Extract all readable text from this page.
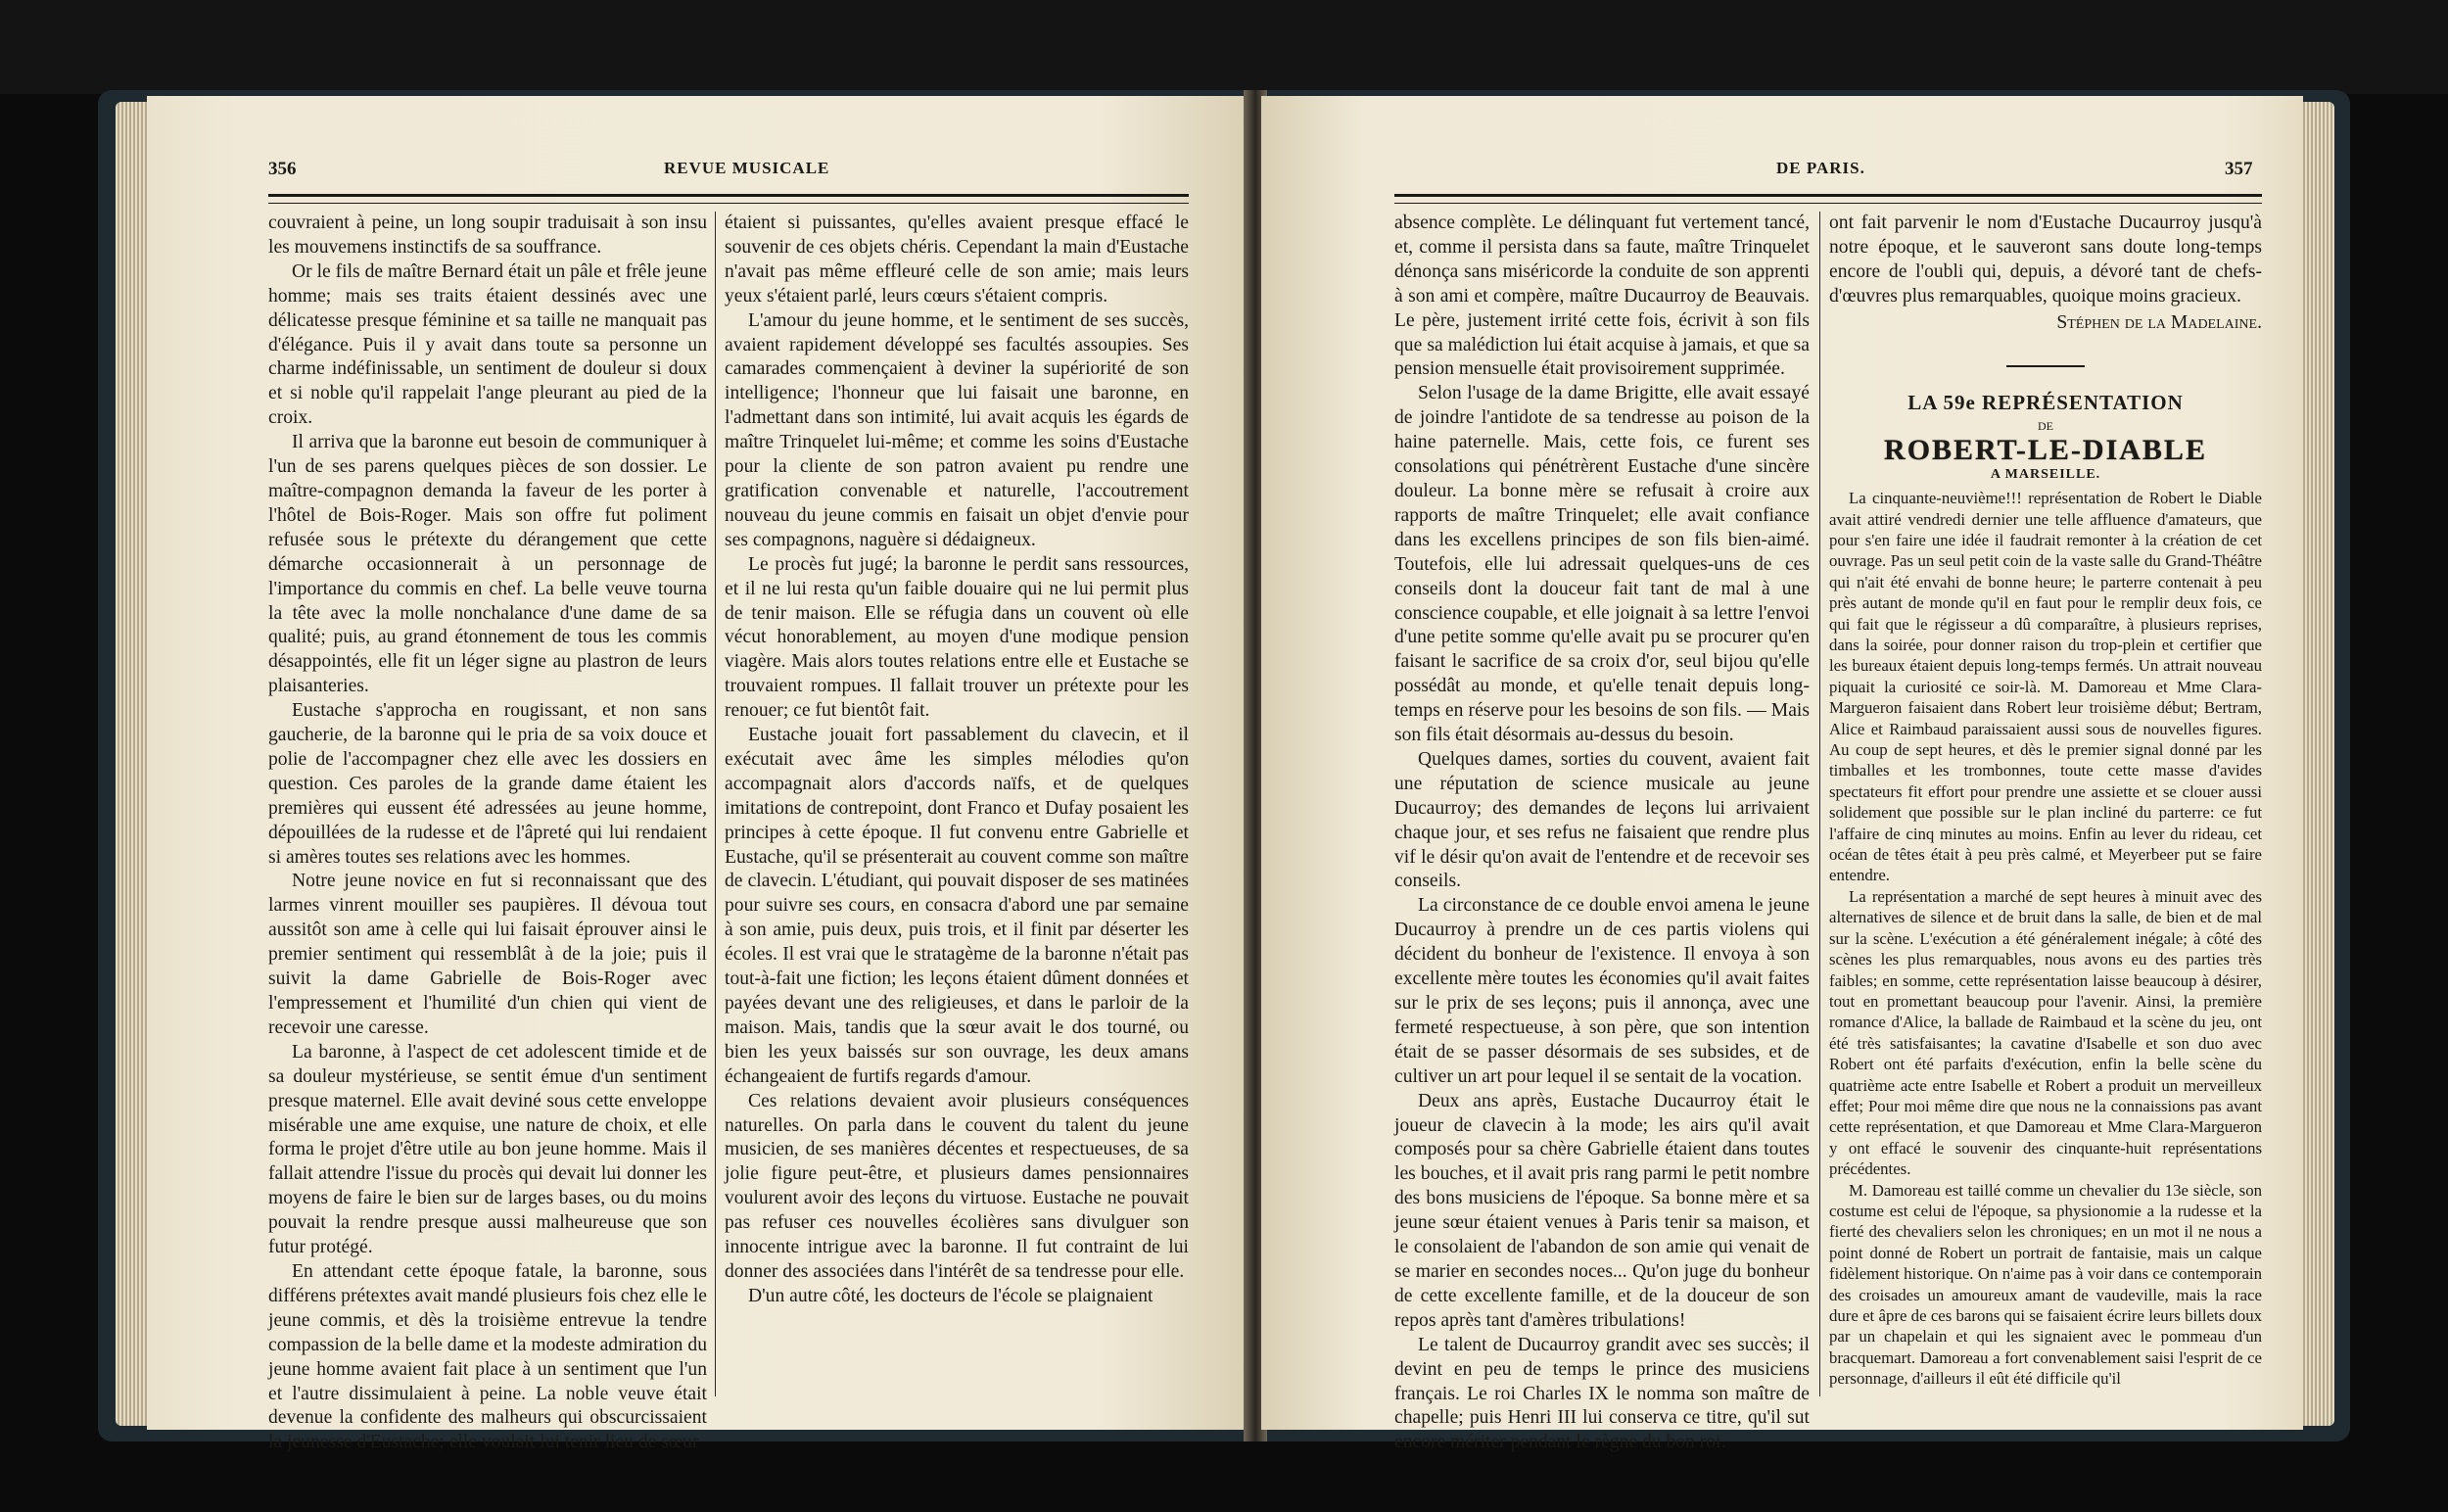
356	REVUE MUSICALE

couvraient à peine, un long soupir traduisait à son insu les mouvemens instinctifs de sa souffrance.

Or le fils de maître Bernard était un pâle et frêle jeune homme; mais ses traits étaient dessinés avec une délicatesse presque féminine et sa taille ne manquait pas d'élégance. Puis il y avait dans toute sa personne un charme indéfinissable, un sentiment de douleur si doux et si noble qu'il rappelait l'ange pleurant au pied de la croix.

Il arriva que la baronne eut besoin de communiquer à l'un de ses parens quelques pièces de son dossier. Le maître-compagnon demanda la faveur de les porter à l'hôtel de Bois-Roger. Mais son offre fut poliment refusée sous le prétexte du dérangement que cette démarche occasionnerait à un personnage de l'importance du commis en chef. La belle veuve tourna la tête avec la molle nonchalance d'une dame de sa qualité; puis, au grand étonnement de tous les commis désappointés, elle fit un léger signe au plastron de leurs plaisanteries.

Eustache s'approcha en rougissant, et non sans gaucherie, de la baronne qui le pria de sa voix douce et polie de l'accompagner chez elle avec les dossiers en question. Ces paroles de la grande dame étaient les premières qui eussent été adressées au jeune homme, dépouillées de la rudesse et de l'âpreté qui lui rendaient si amères toutes ses relations avec les hommes.

Notre jeune novice en fut si reconnaissant que des larmes vinrent mouiller ses paupières. Il dévoua tout aussitôt son ame à celle qui lui faisait éprouver ainsi le premier sentiment qui ressemblât à de la joie; puis il suivit la dame Gabrielle de Bois-Roger avec l'empressement et l'humilité d'un chien qui vient de recevoir une caresse.

La baronne, à l'aspect de cet adolescent timide et de sa douleur mystérieuse, se sentit émue d'un sentiment presque maternel. Elle avait deviné sous cette enveloppe misérable une ame exquise, une nature de choix, et elle forma le projet d'être utile au bon jeune homme. Mais il fallait attendre l'issue du procès qui devait lui donner les moyens de faire le bien sur de larges bases, ou du moins pouvait la rendre presque aussi malheureuse que son futur protégé.

En attendant cette époque fatale, la baronne, sous différens prétextes avait mandé plusieurs fois chez elle le jeune commis, et dès la troisième entrevue la tendre compassion de la belle dame et la modeste admiration du jeune homme avaient fait place à un sentiment que l'un et l'autre dissimulaient à peine. La noble veuve était devenue la confidente des malheurs qui obscurcissaient la jeunesse d'Eustache; elle voulait lui tenir lieu de sœur

étaient si puissantes, qu'elles avaient presque effacé le souvenir de ces objets chéris. Cependant la main d'Eustache n'avait pas même effleuré celle de son amie; mais leurs yeux s'étaient parlé, leurs cœurs s'étaient compris.

L'amour du jeune homme, et le sentiment de ses succès, avaient rapidement développé ses facultés assoupies. Ses camarades commençaient à deviner la supériorité de son intelligence; l'honneur que lui faisait une baronne, en l'admettant dans son intimité, lui avait acquis les égards de maître Trinquelet lui-même; et comme les soins d'Eustache pour la cliente de son patron avaient pu rendre une gratification convenable et naturelle, l'accoutrement nouveau du jeune commis en faisait un objet d'envie pour ses compagnons, naguère si dédaigneux.

Le procès fut jugé; la baronne le perdit sans ressources, et il ne lui resta qu'un faible douaire qui ne lui permit plus de tenir maison. Elle se réfugia dans un couvent où elle vécut honorablement, au moyen d'une modique pension viagère. Mais alors toutes relations entre elle et Eustache se trouvaient rompues. Il fallait trouver un prétexte pour les renouer; ce fut bientôt fait.

Eustache jouait fort passablement du clavecin, et il exécutait avec âme les simples mélodies qu'on accompagnait alors d'accords naïfs, et de quelques imitations de contrepoint, dont Franco et Dufay posaient les principes à cette époque. Il fut convenu entre Gabrielle et Eustache, qu'il se présenterait au couvent comme son maître de clavecin. L'étudiant, qui pouvait disposer de ses matinées pour suivre ses cours, en consacra d'abord une par semaine à son amie, puis deux, puis trois, et il finit par déserter les écoles. Il est vrai que le stratagème de la baronne n'était pas tout-à-fait une fiction; les leçons étaient dûment données et payées devant une des religieuses, et dans le parloir de la maison. Mais, tandis que la sœur avait le dos tourné, ou bien les yeux baissés sur son ouvrage, les deux amans échangeaient de furtifs regards d'amour.

Ces relations devaient avoir plusieurs conséquences naturelles. On parla dans le couvent du talent du jeune musicien, de ses manières décentes et respectueuses, de sa jolie figure peut-être, et plusieurs dames pensionnaires voulurent avoir des leçons du virtuose. Eustache ne pouvait pas refuser ces nouvelles écolières sans divulguer son innocente intrigue avec la baronne. Il fut contraint de lui donner des associées dans l'intérêt de sa tendresse pour elle.

D'un autre côté, les docteurs de l'école se plaignaient

DE PARIS.	357

absence complète. Le délinquant fut vertement tancé, et, comme il persista dans sa faute, maître Trinquelet dénonça sans miséricorde la conduite de son apprenti à son ami et compère, maître Ducaurroy de Beauvais. Le père, justement irrité cette fois, écrivit à son fils que sa malédiction lui était acquise à jamais, et que sa pension mensuelle était provisoirement supprimée.

Selon l'usage de la dame Brigitte, elle avait essayé de joindre l'antidote de sa tendresse au poison de la haine paternelle. Mais, cette fois, ce furent ses consolations qui pénétrèrent Eustache d'une sincère douleur. La bonne mère se refusait à croire aux rapports de maître Trinquelet; elle avait confiance dans les excellens principes de son fils bien-aimé. Toutefois, elle lui adressait quelques-uns de ces conseils dont la douceur fait tant de mal à une conscience coupable, et elle joignait à sa lettre l'envoi d'une petite somme qu'elle avait pu se procurer qu'en faisant le sacrifice de sa croix d'or, seul bijou qu'elle possédât au monde, et qu'elle tenait depuis long-temps en réserve pour les besoins de son fils. — Mais son fils était désormais au-dessus du besoin.

Quelques dames, sorties du couvent, avaient fait une réputation de science musicale au jeune Ducaurroy; des demandes de leçons lui arrivaient chaque jour, et ses refus ne faisaient que rendre plus vif le désir qu'on avait de l'entendre et de recevoir ses conseils.

La circonstance de ce double envoi amena le jeune Ducaurroy à prendre un de ces partis violens qui décident du bonheur de l'existence. Il envoya à son excellente mère toutes les économies qu'il avait faites sur le prix de ses leçons; puis il annonça, avec une fermeté respectueuse, à son père, que son intention était de se passer désormais de ses subsides, et de cultiver un art pour lequel il se sentait de la vocation.

Deux ans après, Eustache Ducaurroy était le joueur de clavecin à la mode; les airs qu'il avait composés pour sa chère Gabrielle étaient dans toutes les bouches, et il avait pris rang parmi le petit nombre des bons musiciens de l'époque. Sa bonne mère et sa jeune sœur étaient venues à Paris tenir sa maison, et le consolaient de l'abandon de son amie qui venait de se marier en secondes noces... Qu'on juge du bonheur de cette excellente famille, et de la douceur de son repos après tant d'amères tribulations!

Le talent de Ducaurroy grandit avec ses succès; il devint en peu de temps le prince des musiciens français. Le roi Charles IX le nomma son maître de chapelle; puis Henri III lui conserva ce titre, qu'il sut encore mériter pendant le règne du bon roi.

ont fait parvenir le nom d'Eustache Ducaurroy jusqu'à notre époque, et le sauveront sans doute long-temps encore de l'oubli qui, depuis, a dévoré tant de chefs-d'œuvres plus remarquables, quoique moins gracieux.

Stéphen de la Madelaine.

LA 59e REPRÉSENTATION

DE

ROBERT-LE-DIABLE

A MARSEILLE.

La cinquante-neuvième!!! représentation de Robert le Diable avait attiré vendredi dernier une telle affluence d'amateurs, que pour s'en faire une idée il faudrait remonter à la création de cet ouvrage. Pas un seul petit coin de la vaste salle du Grand-Théâtre qui n'ait été envahi de bonne heure; le parterre contenait à peu près autant de monde qu'il en faut pour le remplir deux fois, ce qui fait que le régisseur a dû comparaître, à plusieurs reprises, dans la soirée, pour donner raison du trop-plein et certifier que les bureaux étaient depuis long-temps fermés. Un attrait nouveau piquait la curiosité ce soir-là. M. Damoreau et Mme Clara-Margueron faisaient dans Robert leur troisième début; Bertram, Alice et Raimbaud paraissaient aussi sous de nouvelles figures. Au coup de sept heures, et dès le premier signal donné par les timballes et les trombonnes, toute cette masse d'avides spectateurs fit effort pour prendre une assiette et se clouer aussi solidement que possible sur le plan incliné du parterre: ce fut l'affaire de cinq minutes au moins. Enfin au lever du rideau, cet océan de têtes était à peu près calmé, et Meyerbeer put se faire entendre.

La représentation a marché de sept heures à minuit avec des alternatives de silence et de bruit dans la salle, de bien et de mal sur la scène. L'exécution a été généralement inégale; à côté des scènes les plus remarquables, nous avons eu des parties très faibles; en somme, cette représentation laisse beaucoup à désirer, tout en promettant beaucoup pour l'avenir. Ainsi, la première romance d'Alice, la ballade de Raimbaud et la scène du jeu, ont été très satisfaisantes; la cavatine d'Isabelle et son duo avec Robert ont été parfaits d'exécution, enfin la belle scène du quatrième acte entre Isabelle et Robert a produit un merveilleux effet; Pour moi même dire que nous ne la connaissions pas avant cette représentation, et que Damoreau et Mme Clara-Margueron y ont effacé le souvenir des cinquante-huit représentations précédentes.

M. Damoreau est taillé comme un chevalier du 13e siècle, son costume est celui de l'époque, sa physionomie a la rudesse et la fierté des chevaliers selon les chroniques; en un mot il ne nous a point donné de Robert un portrait de fantaisie, mais un calque fidèlement historique. On n'aime pas à voir dans ce contemporain des croisades un amoureux amant de vaudeville, mais la race dure et âpre de ces barons qui se faisaient écrire leurs billets doux par un chapelain et qui les signaient avec le pommeau d'un bracquemart. Damoreau a fort convenablement saisi l'esprit de ce personnage, d'ailleurs il eût été difficile qu'il
